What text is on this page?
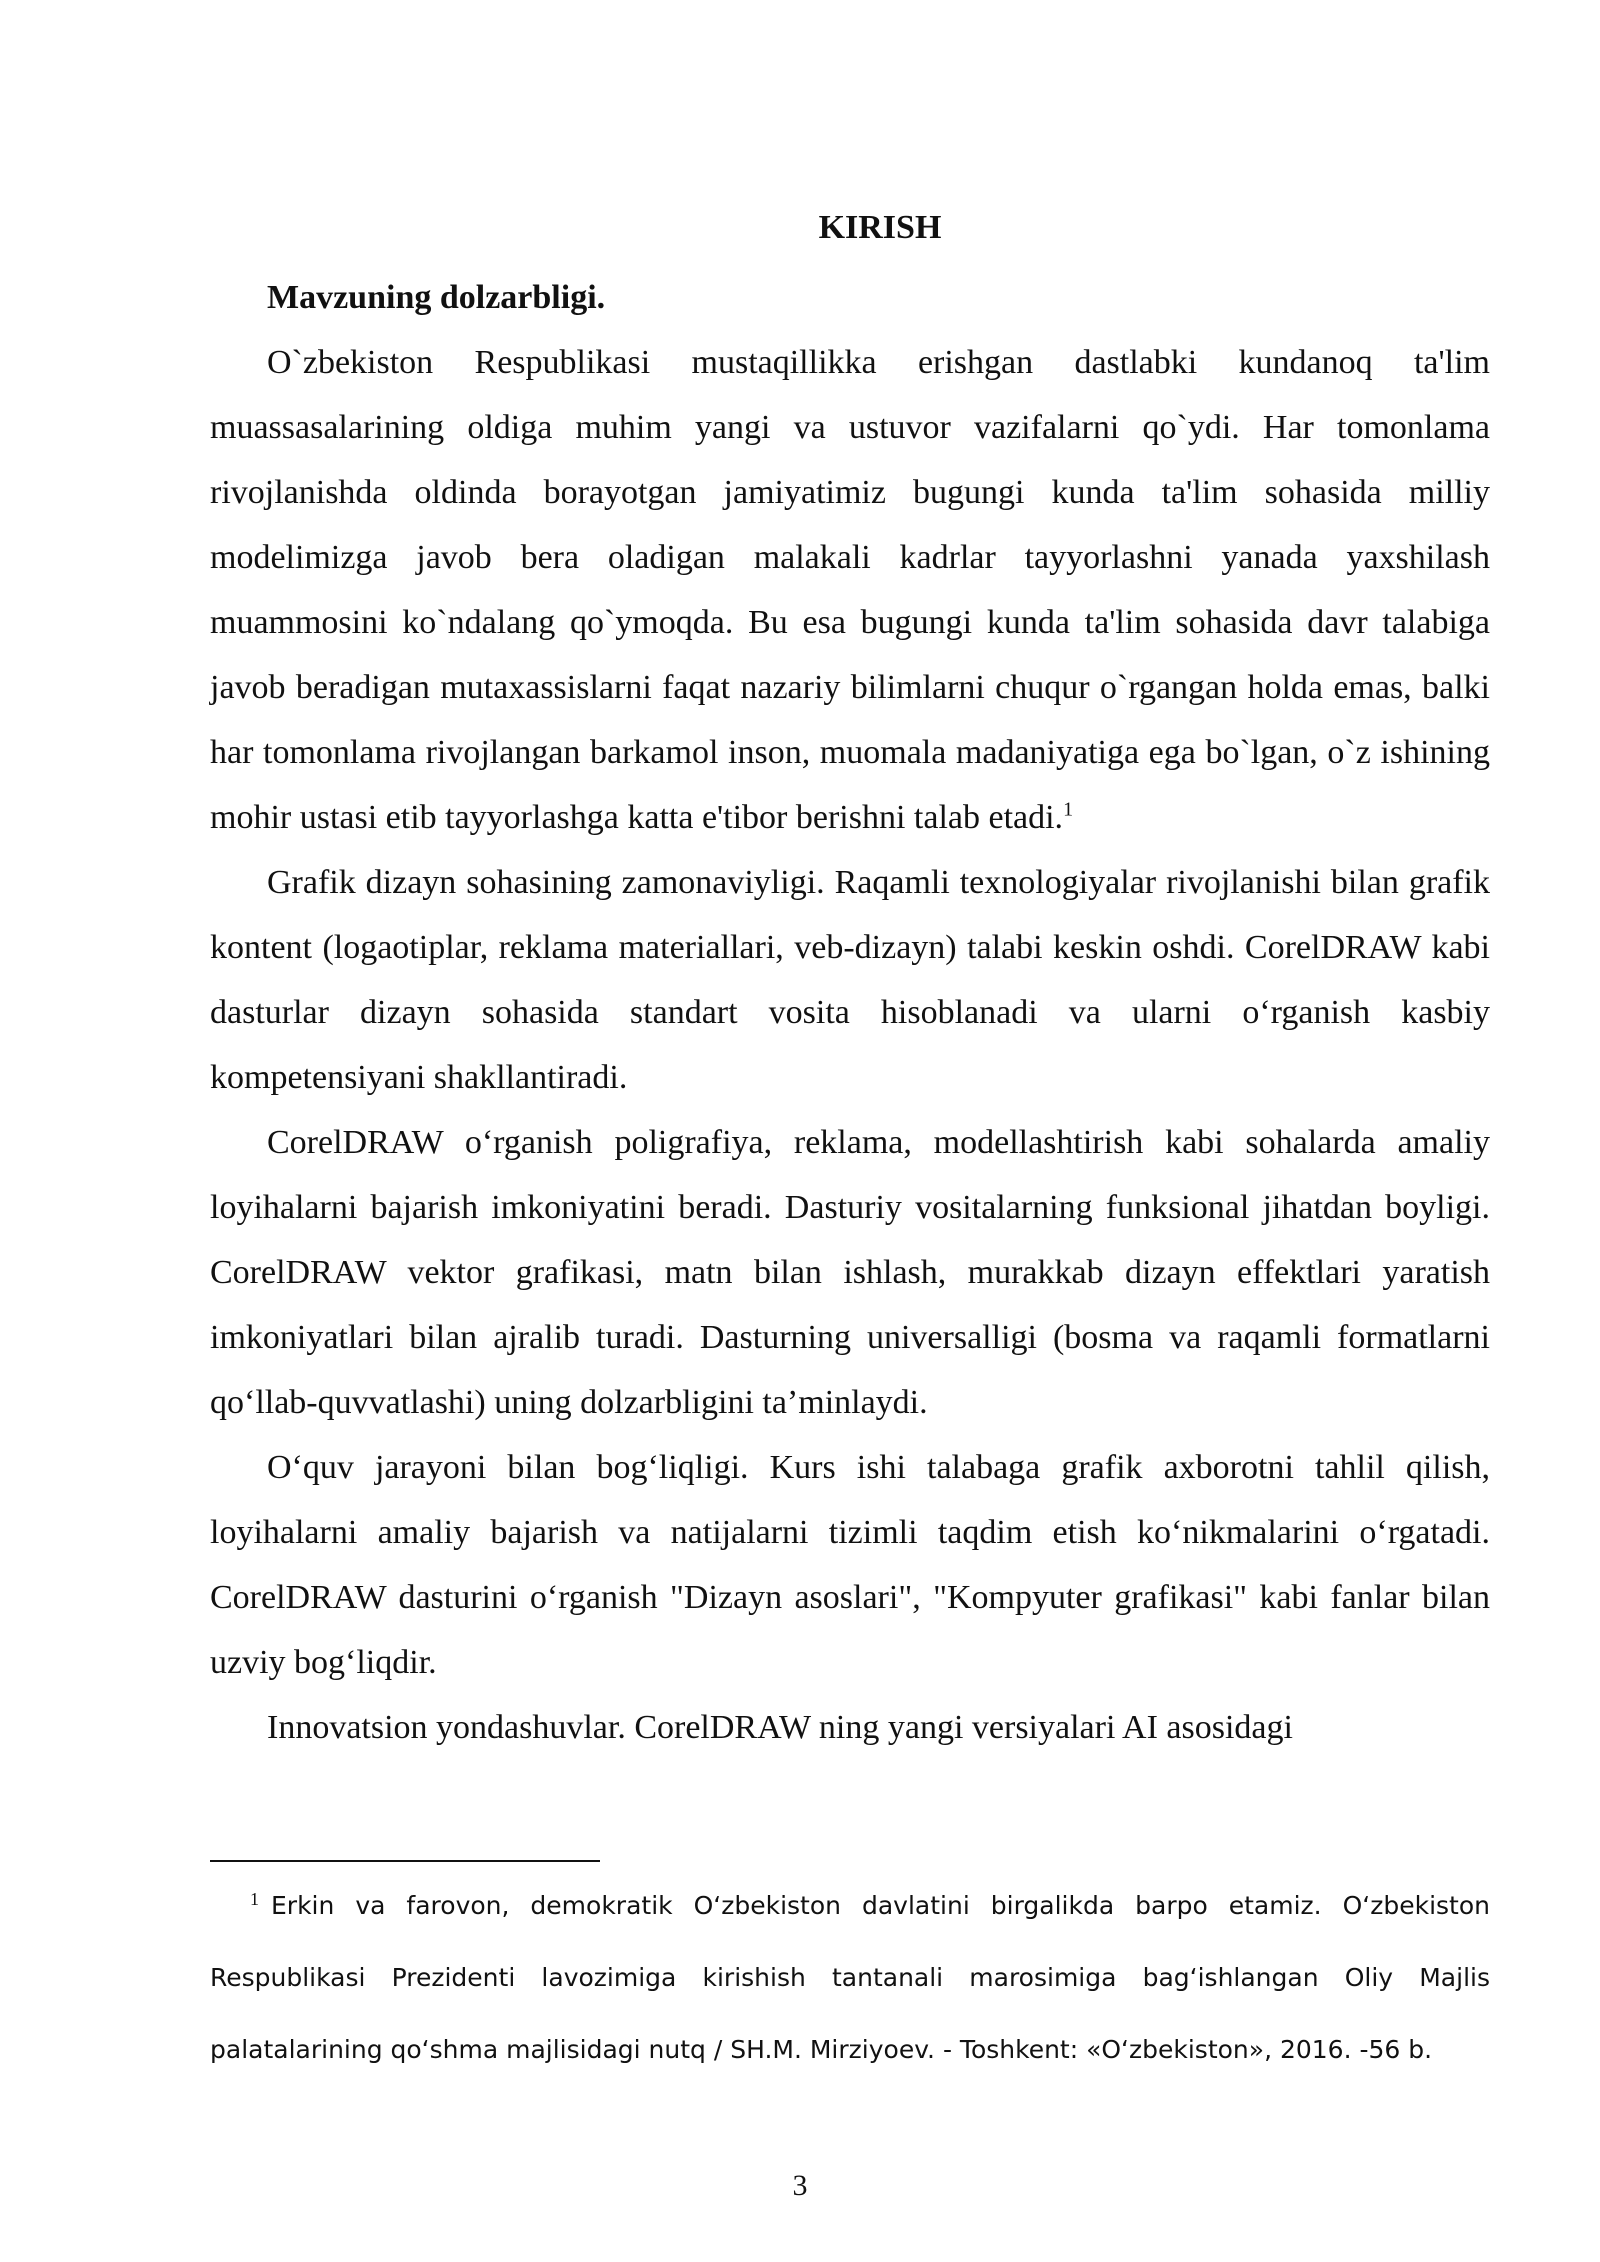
KIRISH

Mavzuning dolzarbligi.

O`zbekiston Respublikasi mustaqillikka erishgan dastlabki kundanoq ta'lim muassasalarining oldiga muhim yangi va ustuvor vazifalarni qo`ydi. Har tomonlama rivojlanishda oldinda borayotgan jamiyatimiz bugungi kunda ta'lim sohasida milliy modelimizga javob bera oladigan malakali kadrlar tayyorlashni yanada yaxshilash muammosini ko`ndalang qo`ymoqda. Bu esa bugungi kunda ta'lim sohasida davr talabiga javob beradigan mutaxassislarni faqat nazariy bilimlarni chuqur o`rgangan holda emas, balki har tomonlama rivojlangan barkamol inson, muomala madaniyatiga ega bo`lgan, o`z ishining mohir ustasi etib tayyorlashga katta e'tibor berishni talab etadi.$^1$

Grafik dizayn sohasining zamonaviyligi. Raqamli texnologiyalar rivojlanishi bilan grafik kontent (logaotiplar, reklama materiallari, veb-dizayn) talabi keskin oshdi. CorelDRAW kabi dasturlar dizayn sohasida standart vosita hisoblanadi va ularni o‘rganish kasbiy kompetensiyani shakllantiradi.

CorelDRAW o‘rganish poligrafiya, reklama, modellashtirish kabi sohalarda amaliy loyihalarni bajarish imkoniyatini beradi. Dasturiy vositalarning funksional jihatdan boyligi. CorelDRAW vektor grafikasi, matn bilan ishlash, murakkab dizayn effektlari yaratish imkoniyatlari bilan ajralib turadi. Dasturning universalligi (bosma va raqamli formatlarni qo‘llab-quvvatlashi) uning dolzarbligini ta’minlaydi.

O‘quv jarayoni bilan bog‘liqligi. Kurs ishi talabaga grafik axborotni tahlil qilish, loyihalarni amaliy bajarish va natijalarni tizimli taqdim etish ko‘nikmalarini o‘rgatadi. CorelDRAW dasturini o‘rganish "Dizayn asoslari", "Kompyuter grafikasi" kabi fanlar bilan uzviy bog‘liqdir.

Innovatsion yondashuvlar. CorelDRAW ning yangi versiyalari AI asosidagi

$^1$ Erkin va farovon, demokratik O‘zbekiston davlatini birgalikda barpo etamiz. O‘zbekiston Respublikasi Prezidenti lavozimiga kirishish tantanali marosimiga bag‘ishlangan Oliy Majlis palatalarining qo‘shma majlisidagi nutq / SH.M. Mirziyoev. - Toshkent: «O‘zbekiston», 2016. -56 b.

3
